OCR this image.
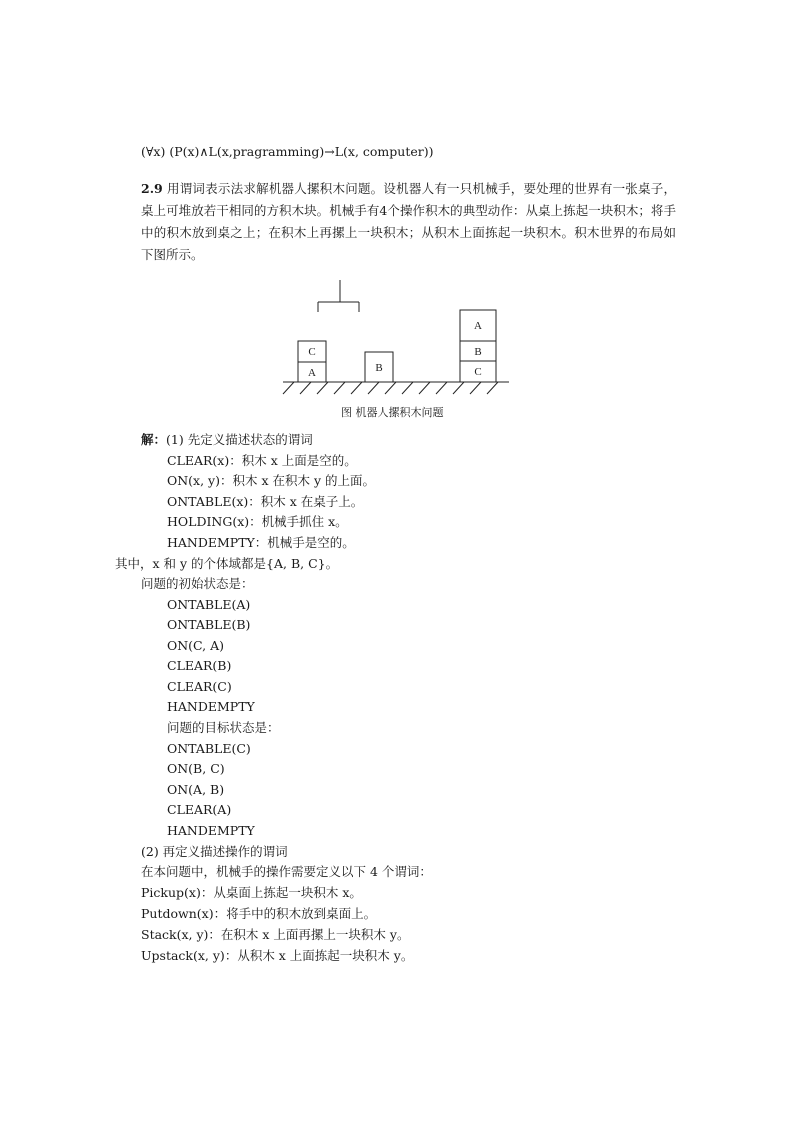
(∀x) (P(x)∧L(x,pragramming)→L(x, computer))
2.9 用谓词表示法求解机器人摞积木问题。设机器人有一只机械手，要处理的世界有一张桌子，桌上可堆放若干相同的方积木块。机械手有4个操作积木的典型动作：从桌上拣起一块积木；将手中的积木放到桌之上；在积木上再摞上一块积木；从积木上面拣起一块积木。积木世界的布局如下图所示。
C
A	B
A
B
C
图 机器人摞积木问题
解：(1) 先定义描述状态的谓词
CLEAR(x)：积木 x 上面是空的。
ON(x, y)：积木 x 在积木 y 的上面。
ONTABLE(x)：积木 x 在桌子上。
HOLDING(x)：机械手抓住 x。
HANDEMPTY：机械手是空的。
其中，x 和 y 的个体域都是{A, B, C}。
问题的初始状态是：
ONTABLE(A)
ONTABLE(B)
ON(C, A)
CLEAR(B)
CLEAR(C)
HANDEMPTY
问题的目标状态是：
ONTABLE(C)
ON(B, C)
ON(A, B)
CLEAR(A)
HANDEMPTY
(2) 再定义描述操作的谓词
在本问题中，机械手的操作需要定义以下 4 个谓词：
Pickup(x)：从桌面上拣起一块积木 x。
Putdown(x)：将手中的积木放到桌面上。
Stack(x, y)：在积木 x 上面再摞上一块积木 y。
Upstack(x, y)：从积木 x 上面拣起一块积木 y。
